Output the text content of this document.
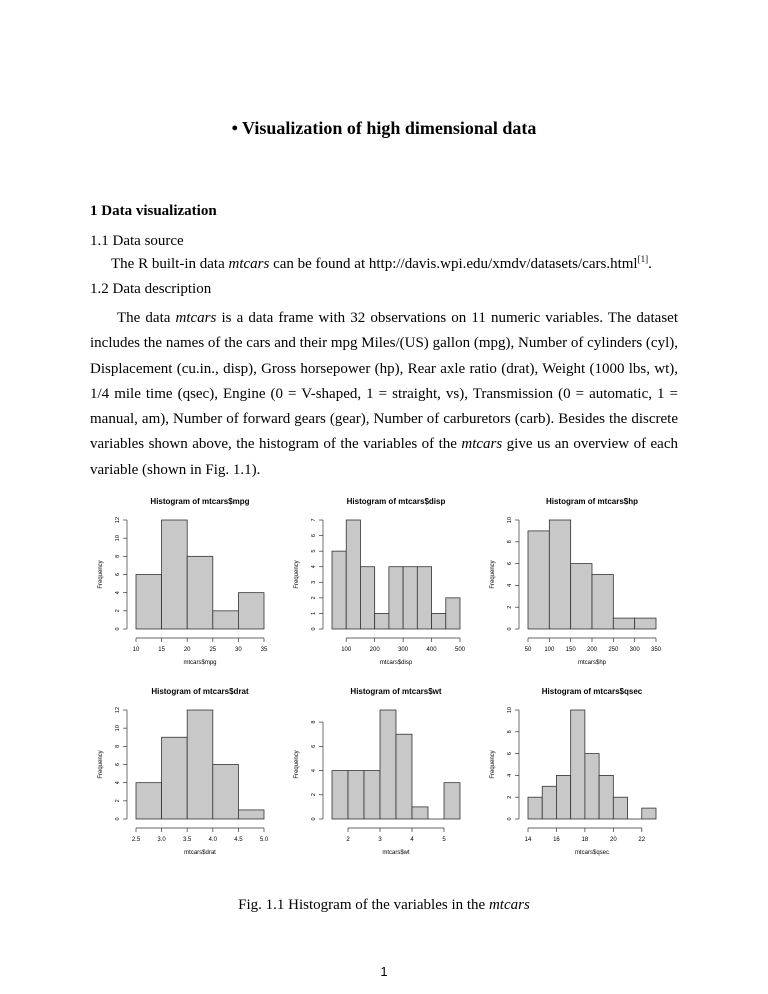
• Visualization of high dimensional data
1 Data visualization
1.1 Data source
The R built-in data mtcars can be found at http://davis.wpi.edu/xmdv/datasets/cars.html[1].
1.2 Data description
The data mtcars is a data frame with 32 observations on 11 numeric variables. The dataset includes the names of the cars and their mpg Miles/(US) gallon (mpg), Number of cylinders (cyl), Displacement (cu.in., disp), Gross horsepower (hp), Rear axle ratio (drat), Weight (1000 lbs, wt), 1/4 mile time (qsec), Engine (0 = V-shaped, 1 = straight, vs), Transmission (0 = automatic, 1 = manual, am), Number of forward gears (gear), Number of carburetors (carb). Besides the discrete variables shown above, the histogram of the variables of the mtcars give us an overview of each variable (shown in Fig. 1.1).
Histogram of mtcars$mpg
0
2
4
6
8
10
12
Frequency
10	15	20	25	30	35
mtcars$mpg
Histogram of mtcars$disp
0
1
2
3
4
5
6
7
Frequency
100	200	300	400	500
mtcars$disp
Histogram of mtcars$hp
0
2
4
6
8
10
Frequency
50 100 150 200 250 300 350
mtcars$hp
Histogram of mtcars$drat
0
2
4
6
8
10
12
Frequency
2.5	3.0	3.5	4.0	4.5	5.0
mtcars$drat
Histogram of mtcars$wt
0
2
4
6
8
Frequency
2	3	4	5
mtcars$wt
Histogram of mtcars$qsec
0
2
4
6
8
10
Frequency
14	16	18	20	22
mtcars$qsec
Fig. 1.1 Histogram of the variables in the mtcars
1
